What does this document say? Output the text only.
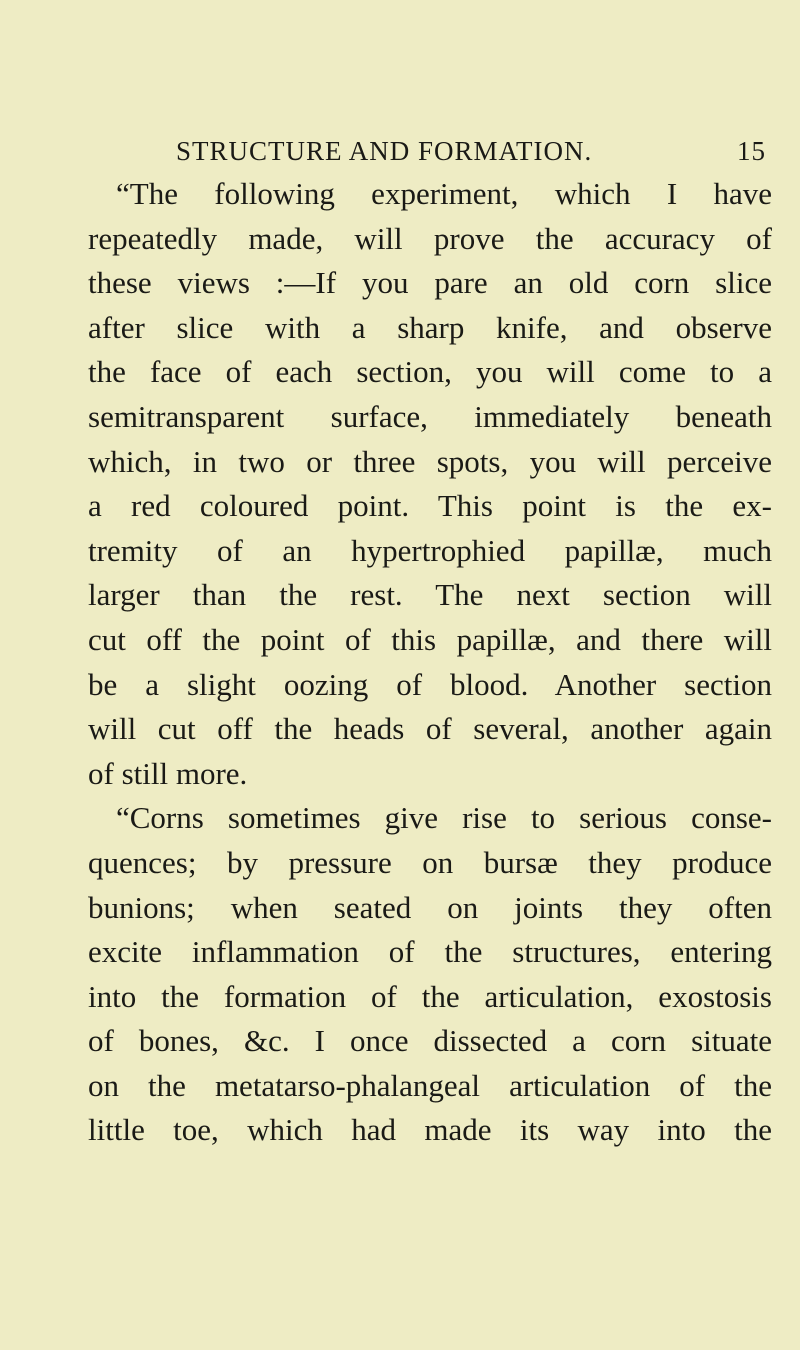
STRUCTURE AND FORMATION.	15
“The following experiment, which I have
repeatedly made, will prove the accuracy of
these views :—If you pare an old corn slice
after slice with a sharp knife, and observe
the face of each section, you will come to a
semitransparent surface, immediately beneath
which, in two or three spots, you will perceive
a red coloured point. This point is the ex-
tremity of an hypertrophied papillæ, much
larger than the rest. The next section will
cut off the point of this papillæ, and there will
be a slight oozing of blood. Another section
will cut off the heads of several, another again
of still more.
“Corns sometimes give rise to serious conse-
quences; by pressure on bursæ they produce
bunions; when seated on joints they often
excite inflammation of the structures, entering
into the formation of the articulation, exostosis
of bones, &c. I once dissected a corn situate
on the metatarso-phalangeal articulation of the
little toe, which had made its way into the
